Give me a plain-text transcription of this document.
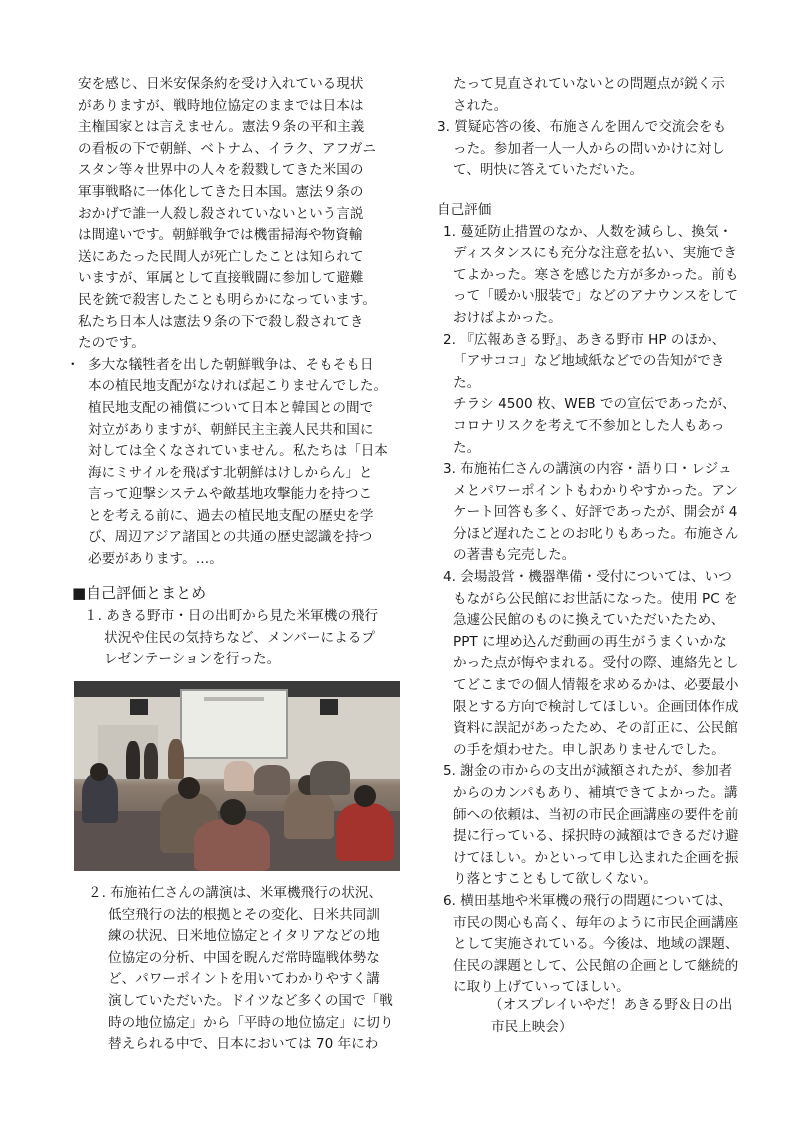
安を感じ、日米安保条約を受け入れている現状
がありますが、戦時地位協定のままでは日本は
主権国家とは言えません。憲法９条の平和主義
の看板の下で朝鮮、ベトナム、イラク、アフガニ
スタン等々世界中の人々を殺戮してきた米国の
軍事戦略に一体化してきた日本国。憲法９条の
おかげで誰一人殺し殺されていないという言説
は間違いです。朝鮮戦争では機雷掃海や物資輸
送にあたった民間人が死亡したことは知られて
いますが、軍属として直接戦闘に参加して避難
民を銃で殺害したことも明らかになっています。
私たち日本人は憲法９条の下で殺し殺されてき
たのです。
・ 多大な犠牲者を出した朝鮮戦争は、そもそも日
本の植民地支配がなければ起こりませんでした。
植民地支配の補償について日本と韓国との間で
対立がありますが、朝鮮民主主義人民共和国に
対しては全くなされていません。私たちは「日本
海にミサイルを飛ばす北朝鮮はけしからん」と
言って迎撃システムや敵基地攻撃能力を持つこ
とを考える前に、過去の植民地支配の歴史を学
び、周辺アジア諸国との共通の歴史認識を持つ
必要があります。…。
■自己評価とまとめ
１. あきる野市・日の出町から見た米軍機の飛行
状況や住民の気持ちなど、メンバーによるプ
レゼンテーションを行った。
２. 布施祐仁さんの講演は、米軍機飛行の状況、
低空飛行の法的根拠とその変化、日米共同訓
練の状況、日米地位協定とイタリアなどの地
位協定の分析、中国を睨んだ常時臨戦体勢な
ど、パワーポイントを用いてわかりやすく講
演していただいた。ドイツなど多くの国で「戦
時の地位協定」から「平時の地位協定」に切り
替えられる中で、日本においては 70 年にわ
たって見直されていないとの問題点が鋭く示
された。
3. 質疑応答の後、布施さんを囲んで交流会をも
った。参加者一人一人からの問いかけに対し
て、明快に答えていただいた。
自己評価
1. 蔓延防止措置のなか、人数を減らし、換気・
ディスタンスにも充分な注意を払い、実施でき
てよかった。寒さを感じた方が多かった。前も
って「暖かい服装で」などのアナウンスをして
おけばよかった。
2. 『広報あきる野』、あきる野市 HP のほか、
「アサココ」など地域紙などでの告知ができた。
チラシ 4500 枚、WEB での宣伝であったが、
コロナリスクを考えて不参加とした人もあっ
た。
3. 布施祐仁さんの講演の内容・語り口・レジュ
メとパワーポイントもわかりやすかった。アン
ケート回答も多く、好評であったが、開会が 4
分ほど遅れたことのお叱りもあった。布施さん
の著書も完売した。
4. 会場設営・機器準備・受付については、いつ
もながら公民館にお世話になった。使用 PC を
急遽公民館のものに換えていただいたため、
PPT に埋め込んだ動画の再生がうまくいかな
かった点が悔やまれる。受付の際、連絡先とし
てどこまでの個人情報を求めるかは、必要最小
限とする方向で検討してほしい。企画団体作成
資料に誤記があったため、その訂正に、公民館
の手を煩わせた。申し訳ありませんでした。
5. 謝金の市からの支出が減額されたが、参加者
からのカンパもあり、補填できてよかった。講
師への依頼は、当初の市民企画講座の要件を前
提に行っている、採択時の減額はできるだけ避
けてほしい。かといって申し込まれた企画を振
り落とすこともして欲しくない。
6. 横田基地や米軍機の飛行の問題については、
市民の関心も高く、毎年のように市民企画講座
として実施されている。今後は、地域の課題、
住民の課題として、公民館の企画として継続的
に取り上げていってほしい。
（オスプレイいやだ！あきる野＆日の出
市民上映会）
